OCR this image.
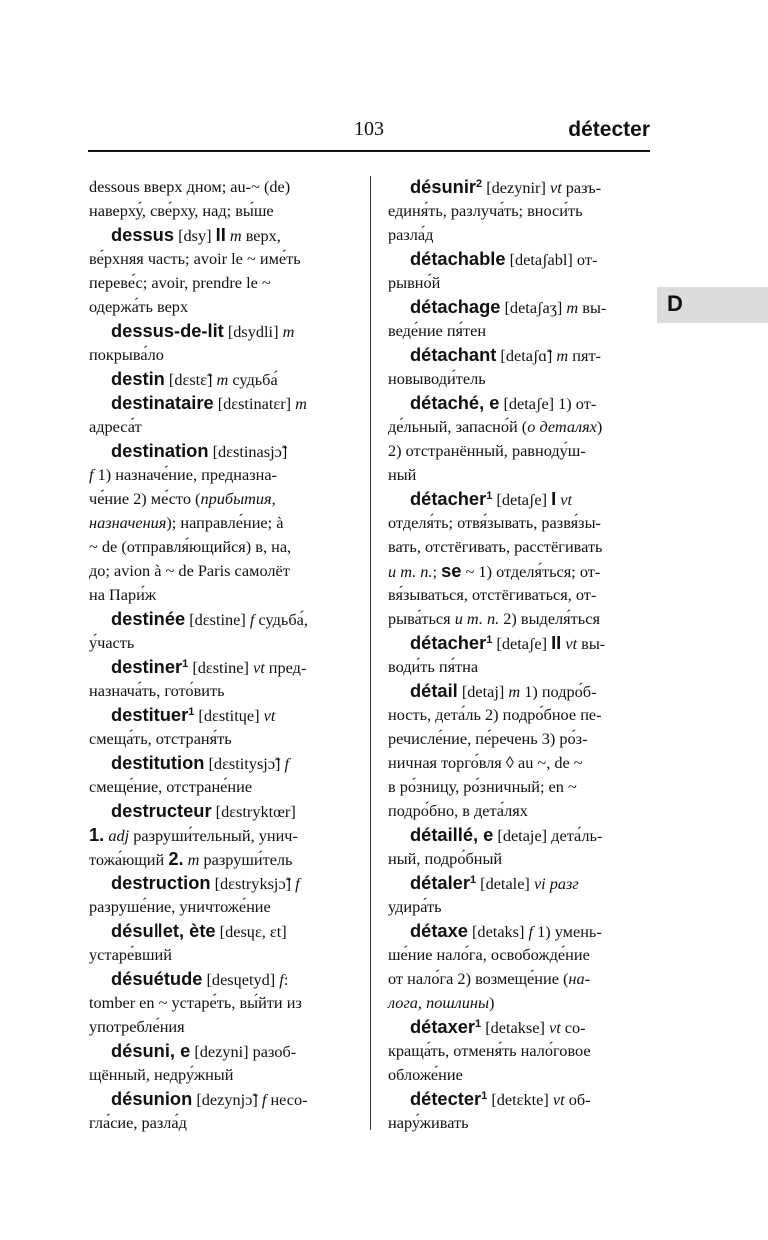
103	détecter
D
dessous вверх дном; au-~ (de)
наверху́, све́рху, над; вы́ше
dessus [dsy] II m верх,
ве́рхняя часть; avoir le ~ име́ть
переве́с; avoir, prendre le ~
одержа́ть верх
dessus-de-lit [dsydli] m
покрыва́ло
destin [dɛstɛ̃] m судьба́
destinataire [dɛstinatɛr] m
адреса́т
destination [dɛstinasjɔ̃]
f 1) назначе́ние, предназна-
че́ние 2) ме́сто (прибытия,
назначения); направле́ние; à
~ de (отправля́ющийся) в, на,
до; avion à ~ de Paris самолёт
на Пари́ж
destinée [dɛstine] f судьба́,
у́часть
destiner$^1$ [dɛstine] vt пред-
назнача́ть, гото́вить
destituer$^1$ [dɛstitɥe] vt
смеща́ть, отстраня́ть
destitution [dɛstitysjɔ̃] f
смеще́ние, отстране́ние
destructeur [dɛstryktœr]
1. adj разруши́тельный, унич-
тожа́ющий 2. m разруши́тель
destruction [dɛstryksjɔ̃] f
разруше́ние, уничтоже́ние
désu‖et, ète [desɥɛ, ɛt]
устаре́вший
désuétude [desɥetyd] f:
tomber en ~ устаре́ть, вы́йти из
употребле́ния
désuni, e [dezyni] разоб-
щённый, недру́жный
désunion [dezynjɔ̃] f несо-
гла́сие, разла́д
désunir$^2$ [dezynir] vt разъ-
единя́ть, разлуча́ть; вноси́ть
разла́д
détachable [detaʃabl] от-
рывно́й
détachage [detaʃaʒ] m вы-
веде́ние пя́тен
détachant [detaʃɑ̃] m пят-
новыводи́тель
détaché, e [detaʃe] 1) от-
де́льный, запасно́й (о деталях)
2) отстранённый, равноду́ш-
ный
détacher$^1$ [detaʃe] I vt
отделя́ть; отвя́зывать, развя́зы-
вать, отстёгивать, расстёгивать
и т. п.; se ~ 1) отделя́ться; от-
вя́зываться, отстёгиваться, от-
рыва́ться и т. п. 2) выделя́ться
détacher$^1$ [detaʃe] II vt вы-
води́ть пя́тна
détail [detaj] m 1) подро́б-
ность, дета́ль 2) подро́бное пе-
речисле́ние, пе́речень 3) ро́з-
ничная торго́вля ◊ au ~, de ~
в ро́зницу, ро́зничный; en ~
подро́бно, в дета́лях
détaillé, e [detaje] дета́ль-
ный, подро́бный
détaler$^1$ [detale] vi разг
удира́ть
détaxe [detaks] f 1) умень-
ше́ние нало́га, освобожде́ние
от нало́га 2) возмеще́ние (на-
лога, пошлины)
détaxer$^1$ [detakse] vt со-
краща́ть, отменя́ть нало́говое
обложе́ние
détecter$^1$ [detɛkte] vt об-
нару́живать
